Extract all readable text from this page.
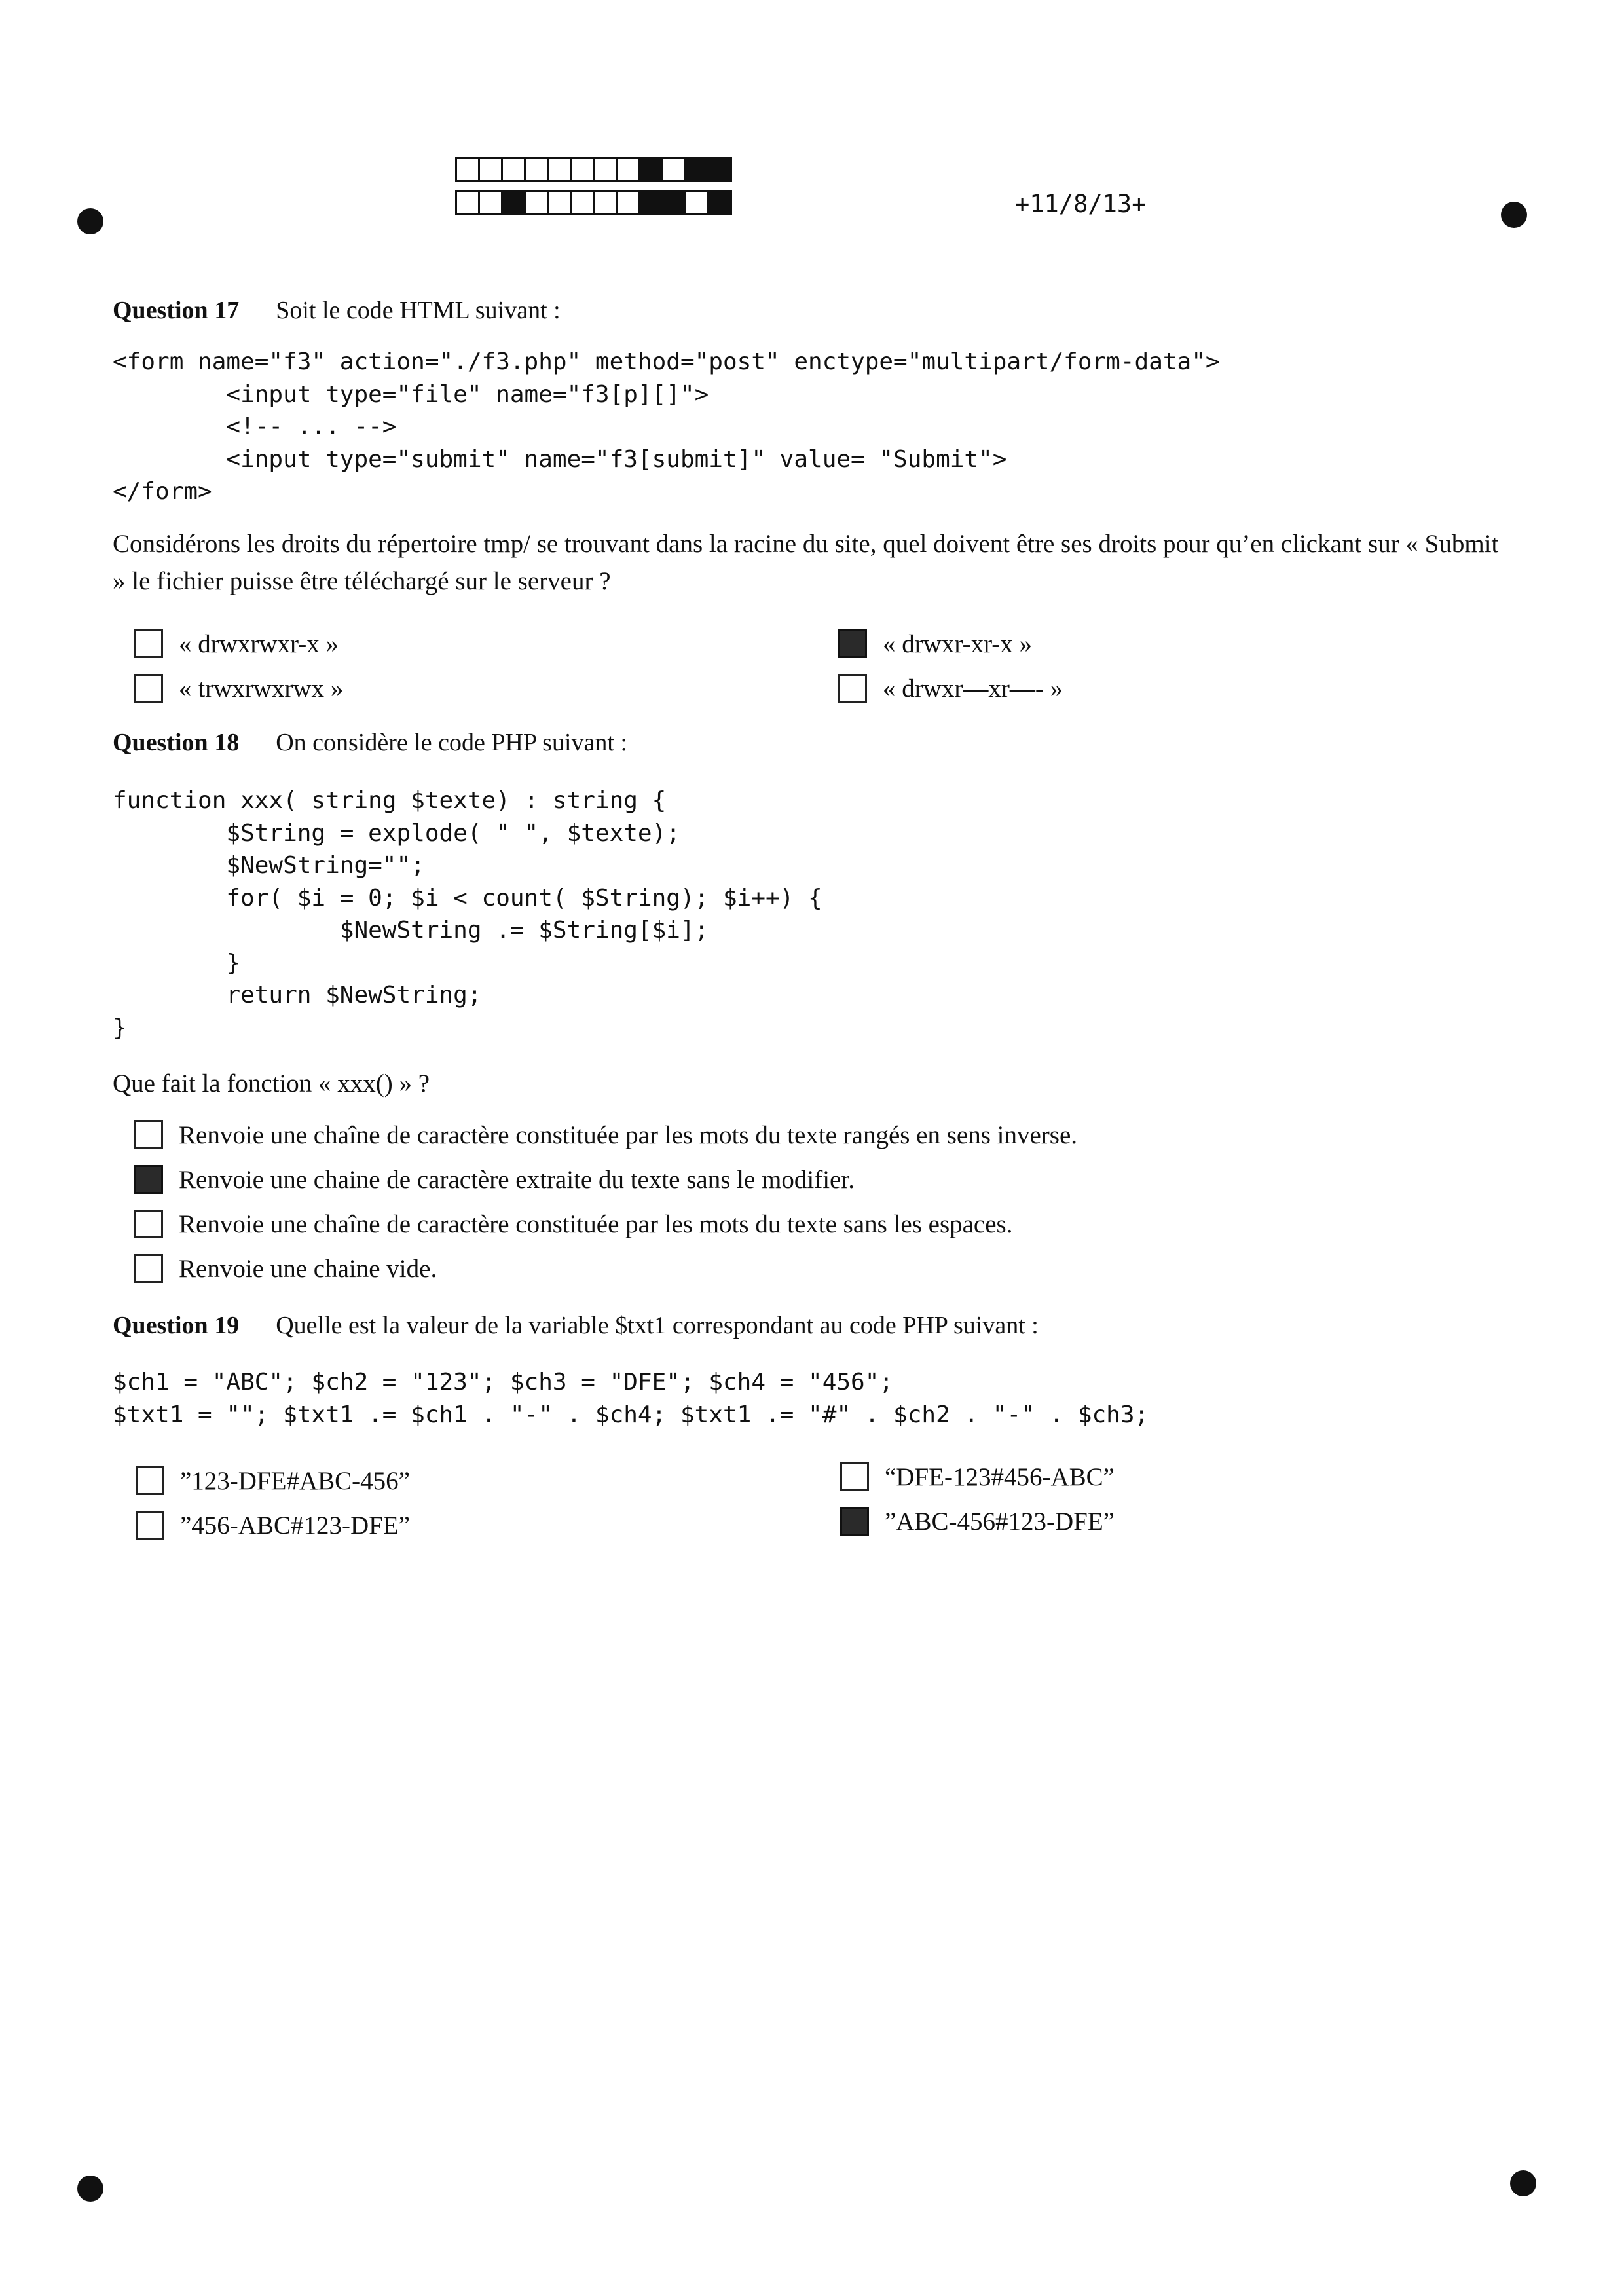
+11/8/13+
Question 17 Soit le code HTML suivant :
<form name="f3" action="./f3.php" method="post" enctype="multipart/form-data">
<input type="file" name="f3[p][]">
<!-- ... -->
<input type="submit" name="f3[submit]" value= "Submit">
</form>
Considérons les droits du répertoire tmp/ se trouvant dans la racine du site, quel doivent être ses droits pour qu’en clickant sur « Submit » le fichier puisse être téléchargé sur le serveur ?
« drwxrwxr-x »	« drwxr-xr-x »
« trwxrwxrwx »	« drwxr—xr—- »
Question 18 On considère le code PHP suivant :
function xxx( string $texte) : string {
$String = explode( " ", $texte);
$NewString="";
for( $i = 0; $i < count( $String); $i++) {
$NewString .= $String[$i];
}
return $NewString;
}
Que fait la fonction « xxx() » ?
Renvoie une chaîne de caractère constituée par les mots du texte rangés en sens inverse.
Renvoie une chaine de caractère extraite du texte sans le modifier.
Renvoie une chaîne de caractère constituée par les mots du texte sans les espaces.
Renvoie une chaine vide.
Question 19 Quelle est la valeur de la variable $txt1 correspondant au code PHP suivant :
$ch1 = "ABC"; $ch2 = "123"; $ch3 = "DFE"; $ch4 = "456";
$txt1 = ""; $txt1 .= $ch1 . "-" . $ch4; $txt1 .= "#" . $ch2 . "-" . $ch3;
”123-DFE#ABC-456”	“DFE-123#456-ABC”
”456-ABC#123-DFE”	”ABC-456#123-DFE”
